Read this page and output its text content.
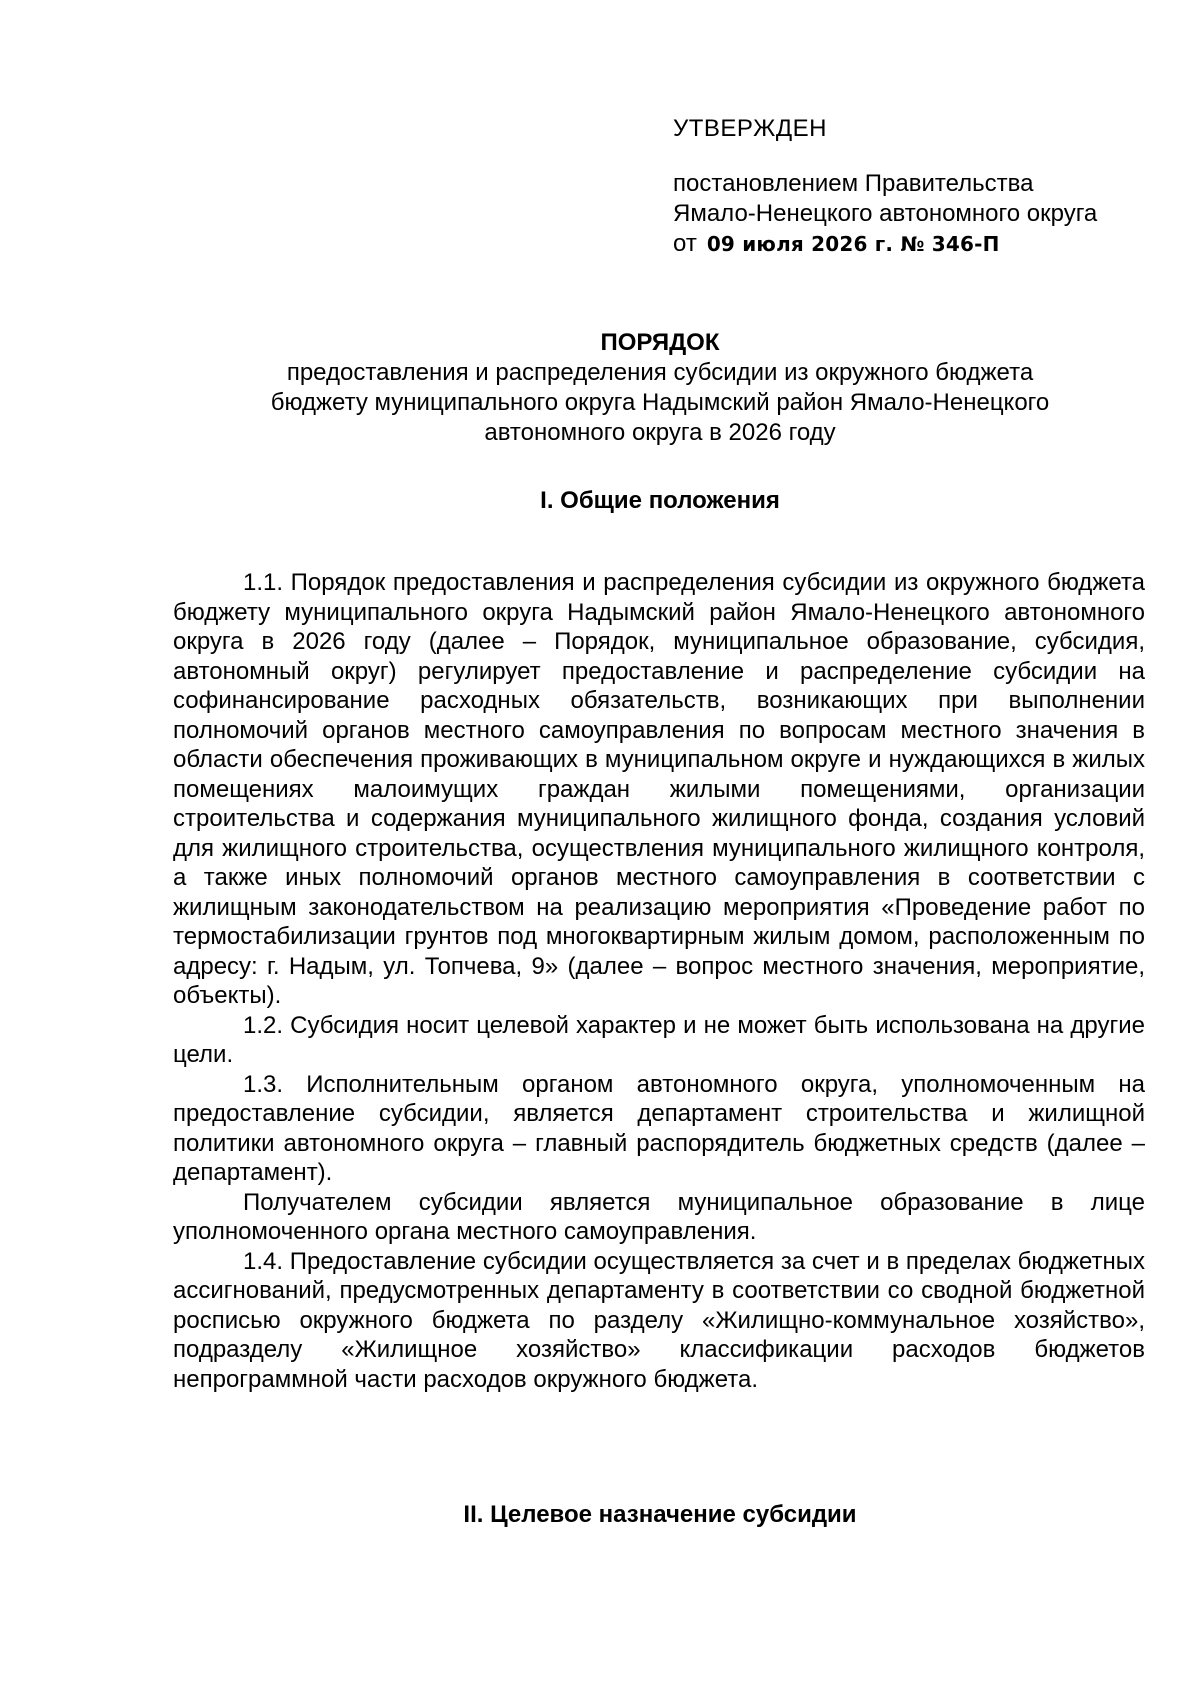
УТВЕРЖДЕН

постановлением Правительства

Ямало-Ненецкого автономного округа

от 09 июля 2026 г. № 346-П

ПОРЯДОК

предоставления и распределения субсидии из окружного бюджета
бюджету муниципального округа Надымский район Ямало-Ненецкого
автономного округа в 2026 году

I. Общие положения

1.1. Порядок предоставления и распределения субсидии из окружного бюджета бюджету муниципального округа Надымский район Ямало-Ненецкого автономного округа в 2026 году (далее – Порядок, муниципальное образование, субсидия, автономный округ) регулирует предоставление и распределение субсидии на софинансирование расходных обязательств, возникающих при выполнении полномочий органов местного самоуправления по вопросам местного значения в области обеспечения проживающих в муниципальном округе и нуждающихся в жилых помещениях малоимущих граждан жилыми помещениями, организации строительства и содержания муниципального жилищного фонда, создания условий для жилищного строительства, осуществления муниципального жилищного контроля, а также иных полномочий органов местного самоуправления в соответствии с жилищным законодательством на реализацию мероприятия «Проведение работ по термостабилизации грунтов под многоквартирным жилым домом, расположенным по адресу: г. Надым, ул. Топчева, 9» (далее – вопрос местного значения, мероприятие, объекты).

1.2. Субсидия носит целевой характер и не может быть использована на другие цели.

1.3. Исполнительным органом автономного округа, уполномоченным на предоставление субсидии, является департамент строительства и жилищной политики автономного округа – главный распорядитель бюджетных средств (далее – департамент).

Получателем субсидии является муниципальное образование в лице уполномоченного органа местного самоуправления.

1.4. Предоставление субсидии осуществляется за счет и в пределах бюджетных ассигнований, предусмотренных департаменту в соответствии со сводной бюджетной росписью окружного бюджета по разделу «Жилищно-коммунальное хозяйство», подразделу «Жилищное хозяйство» классификации расходов бюджетов непрограммной части расходов окружного бюджета.

II. Целевое назначение субсидии
